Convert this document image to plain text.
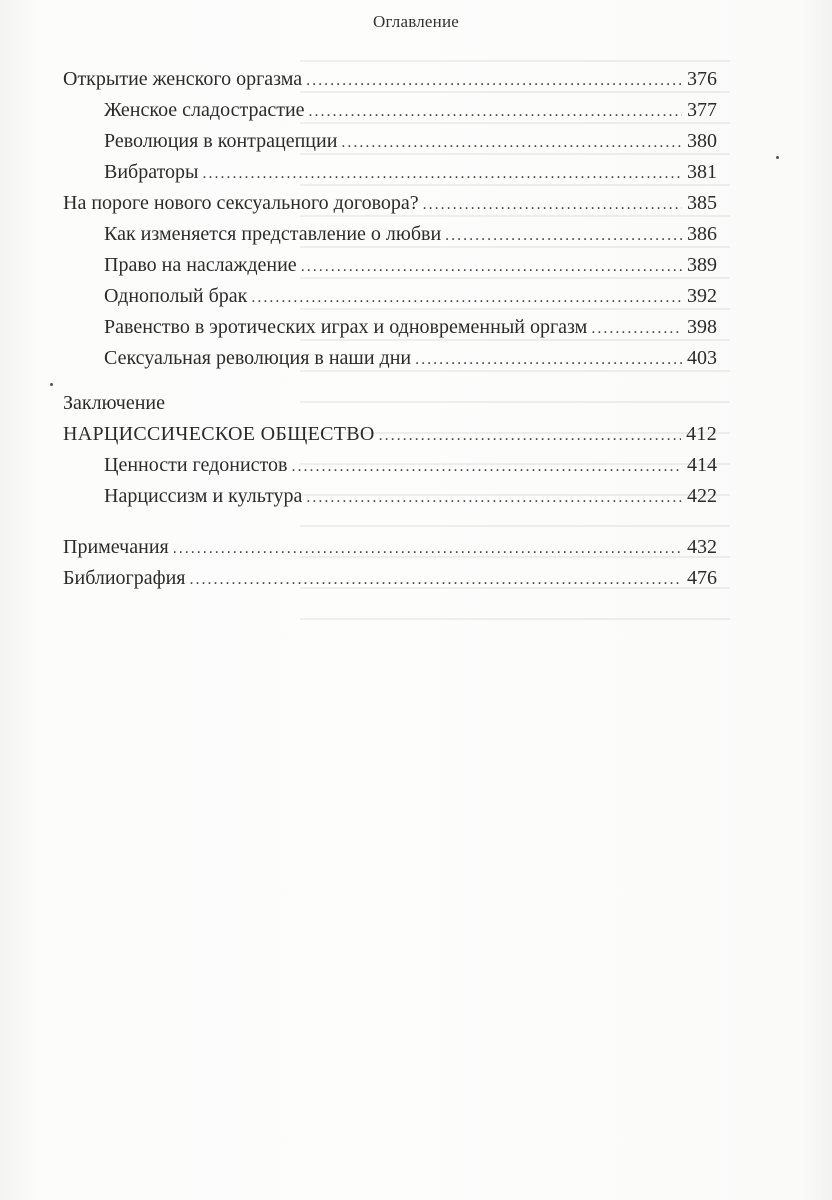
Оглавление
Открытие женского оргазма . . .	376
Женское сладострастие . . .	377
Революция в контрацепции . . .	380
Вибраторы . . .	381
На пороге нового сексуального договора? . . .	385
Как изменяется представление о любви . . .	386
Право на наслаждение . . .	389
Однополый брак . . .	392
Равенство в эротических играх и одновременный оргазм . . .	398
Сексуальная революция в наши дни . . .	403
Заключение
НАРЦИССИЧЕСКОЕ ОБЩЕСТВО . . .	412
Ценности гедонистов . . .	414
Нарциссизм и культура . . .	422
Примечания . . .	432
Библиография . . .	476
